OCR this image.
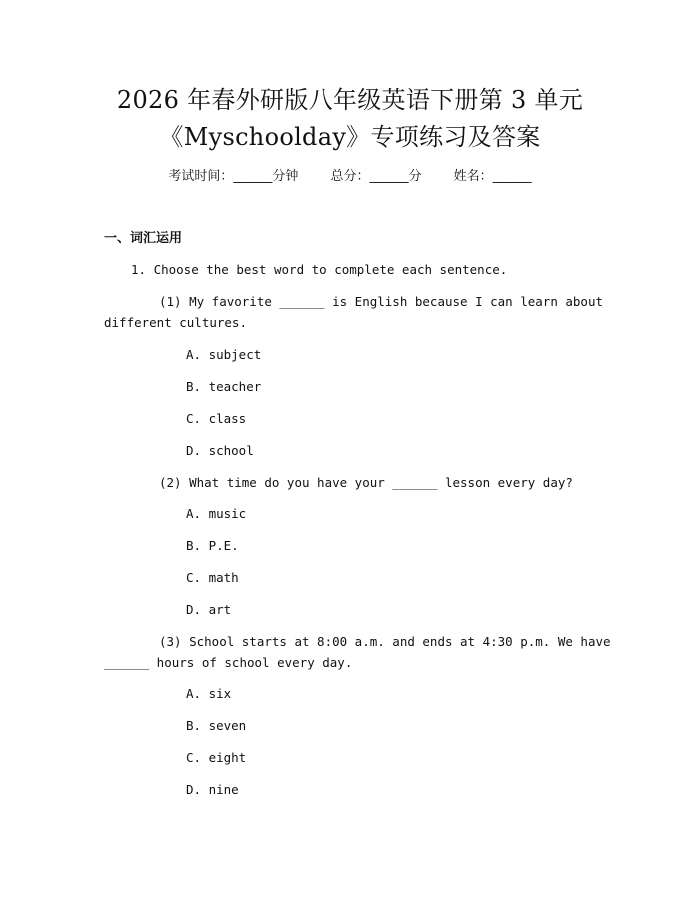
2026 年春外研版八年级英语下册第 3 单元
《Myschoolday》专项练习及答案
考试时间：______分钟 总分：______分 姓名：______
一、词汇运用
1. Choose the best word to complete each sentence.
(1) My favorite ______ is English because I can learn about
different cultures.
A. subject
B. teacher
C. class
D. school
(2) What time do you have your ______ lesson every day?
A. music
B. P.E.
C. math
D. art
(3) School starts at 8:00 a.m. and ends at 4:30 p.m. We have
______ hours of school every day.
A. six
B. seven
C. eight
D. nine
